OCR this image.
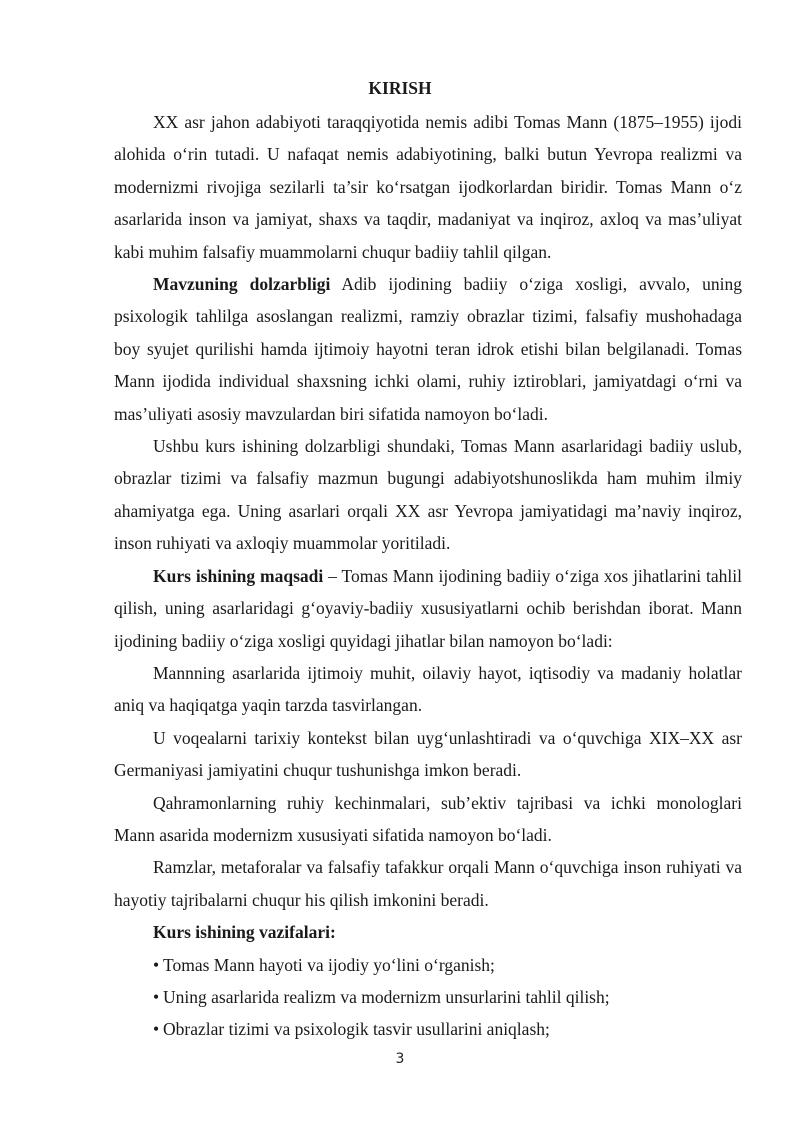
KIRISH

XX asr jahon adabiyoti taraqqiyotida nemis adibi Tomas Mann (1875–1955) ijodi alohida o‘rin tutadi. U nafaqat nemis adabiyotining, balki butun Yevropa realizmi va modernizmi rivojiga sezilarli ta’sir ko‘rsatgan ijodkorlardan biridir. Tomas Mann o‘z asarlarida inson va jamiyat, shaxs va taqdir, madaniyat va inqiroz, axloq va mas’uliyat kabi muhim falsafiy muammolarni chuqur badiiy tahlil qilgan.

Mavzuning dolzarbligi Adib ijodining badiiy o‘ziga xosligi, avvalo, uning psixologik tahlilga asoslangan realizmi, ramziy obrazlar tizimi, falsafiy mushohadaga boy syujet qurilishi hamda ijtimoiy hayotni teran idrok etishi bilan belgilanadi. Tomas Mann ijodida individual shaxsning ichki olami, ruhiy iztiroblari, jamiyatdagi o‘rni va mas’uliyati asosiy mavzulardan biri sifatida namoyon bo‘ladi.

Ushbu kurs ishining dolzarbligi shundaki, Tomas Mann asarlaridagi badiiy uslub, obrazlar tizimi va falsafiy mazmun bugungi adabiyotshunoslikda ham muhim ilmiy ahamiyatga ega. Uning asarlari orqali XX asr Yevropa jamiyatidagi ma’naviy inqiroz, inson ruhiyati va axloqiy muammolar yoritiladi.

Kurs ishining maqsadi – Tomas Mann ijodining badiiy o‘ziga xos jihatlarini tahlil qilish, uning asarlaridagi g‘oyaviy-badiiy xususiyatlarni ochib berishdan iborat. Mann ijodining badiiy o‘ziga xosligi quyidagi jihatlar bilan namoyon bo‘ladi:

Mannning asarlarida ijtimoiy muhit, oilaviy hayot, iqtisodiy va madaniy holatlar aniq va haqiqatga yaqin tarzda tasvirlangan.

U voqealarni tarixiy kontekst bilan uyg‘unlashtiradi va o‘quvchiga XIX–XX asr Germaniyasi jamiyatini chuqur tushunishga imkon beradi.

Qahramonlarning ruhiy kechinmalari, sub’ektiv tajribasi va ichki monologlari Mann asarida modernizm xususiyati sifatida namoyon bo‘ladi.

Ramzlar, metaforalar va falsafiy tafakkur orqali Mann o‘quvchiga inson ruhiyati va hayotiy tajribalarni chuqur his qilish imkonini beradi.

Kurs ishining vazifalari:

• Tomas Mann hayoti va ijodiy yo‘lini o‘rganish;
• Uning asarlarida realizm va modernizm unsurlarini tahlil qilish;
• Obrazlar tizimi va psixologik tasvir usullarini aniqlash;
3
